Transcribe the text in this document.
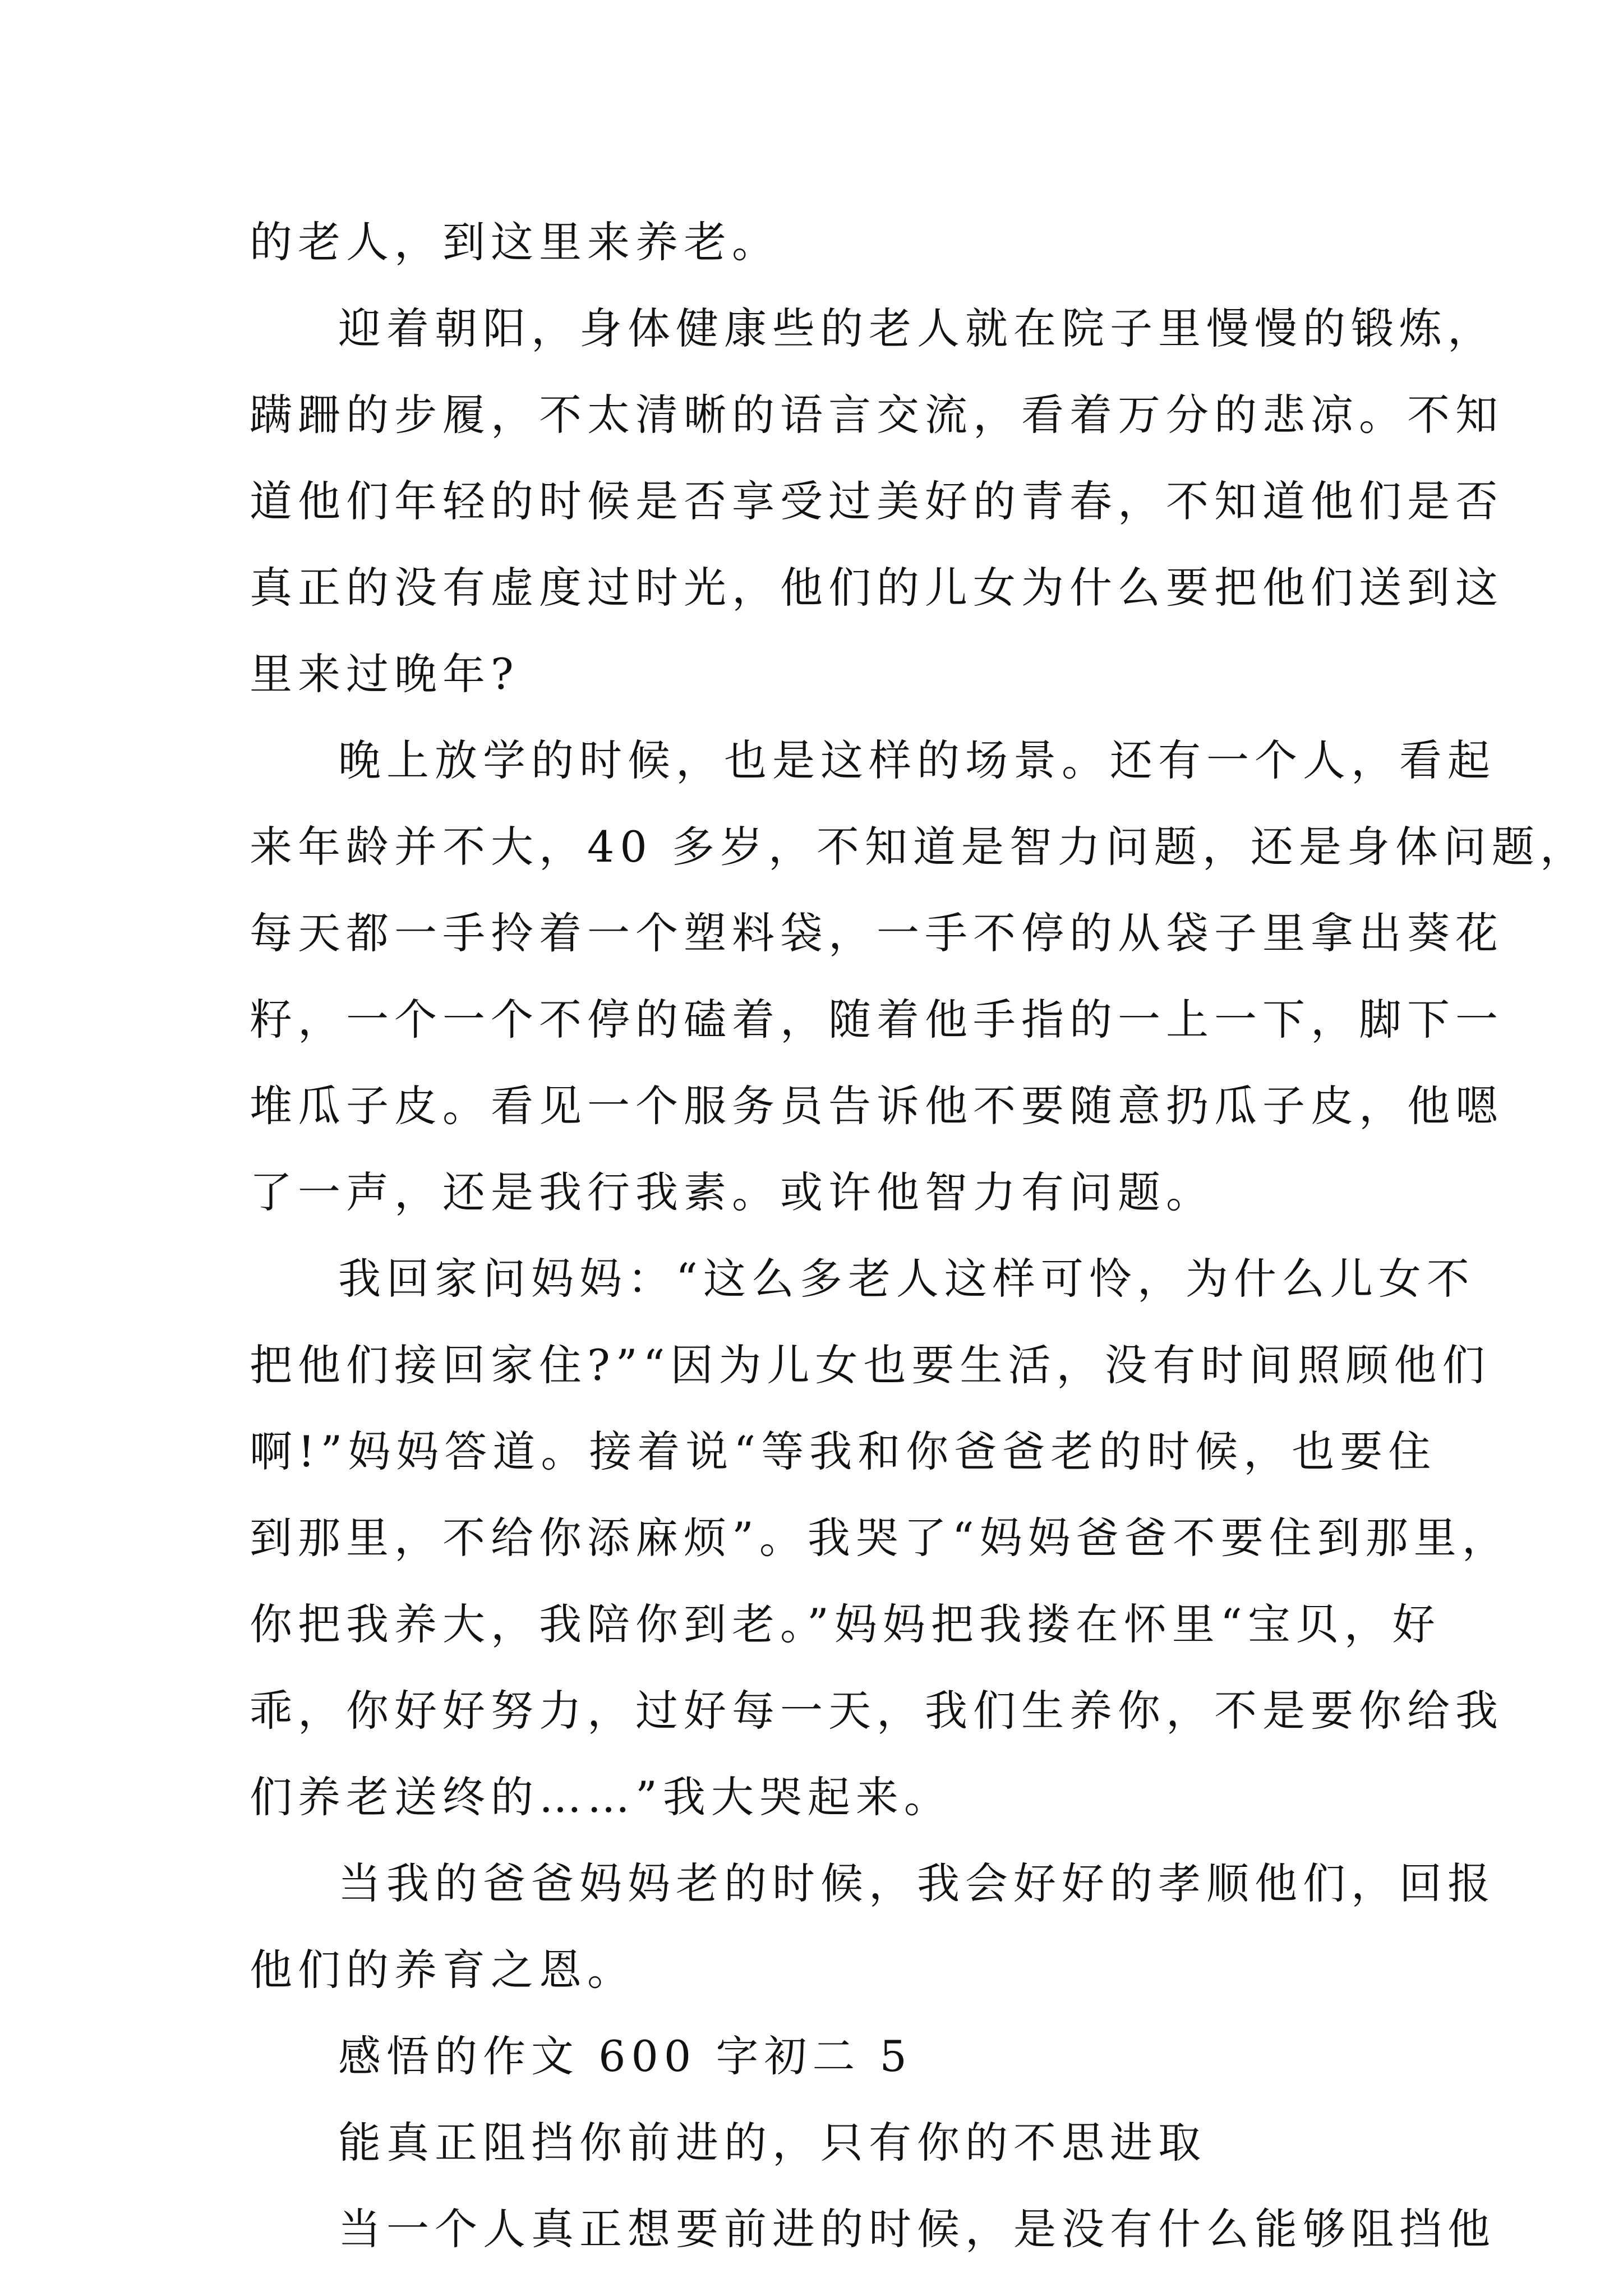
的老人，到这里来养老。
迎着朝阳，身体健康些的老人就在院子里慢慢的锻炼，
蹒跚的步履，不太清晰的语言交流，看着万分的悲凉。不知
道他们年轻的时候是否享受过美好的青春，不知道他们是否
真正的没有虚度过时光，他们的儿女为什么要把他们送到这
里来过晚年?
晚上放学的时候，也是这样的场景。还有一个人，看起
来年龄并不大，40 多岁，不知道是智力问题，还是身体问题，
每天都一手拎着一个塑料袋，一手不停的从袋子里拿出葵花
籽，一个一个不停的磕着，随着他手指的一上一下，脚下一
堆瓜子皮。看见一个服务员告诉他不要随意扔瓜子皮，他嗯
了一声，还是我行我素。或许他智力有问题。
我回家问妈妈：“这么多老人这样可怜，为什么儿女不
把他们接回家住?”“因为儿女也要生活，没有时间照顾他们
啊!”妈妈答道。接着说“等我和你爸爸老的时候，也要住
到那里，不给你添麻烦”。我哭了“妈妈爸爸不要住到那里，
你把我养大，我陪你到老。”妈妈把我搂在怀里“宝贝，好
乖，你好好努力，过好每一天，我们生养你，不是要你给我
们养老送终的……”我大哭起来。
当我的爸爸妈妈老的时候，我会好好的孝顺他们，回报
他们的养育之恩。
感悟的作文 600 字初二 5
能真正阻挡你前进的，只有你的不思进取
当一个人真正想要前进的时候，是没有什么能够阻挡他
